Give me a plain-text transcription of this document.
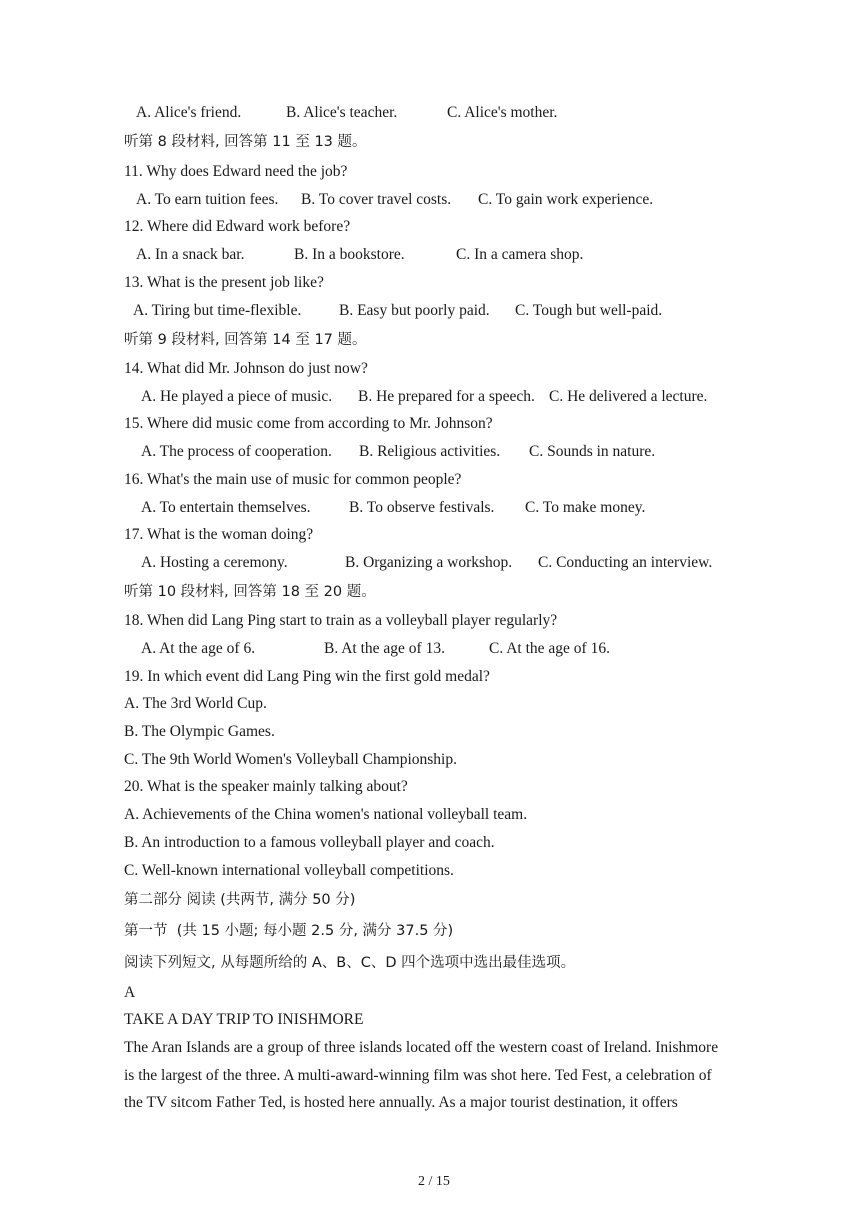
A. Alice's friend.	B. Alice's teacher.	C. Alice's mother.
听第 8 段材料, 回答第 11 至 13 题。
11. Why does Edward need the job?
A. To earn tuition fees. B. To cover travel costs. C. To gain work experience.
12. Where did Edward work before?
A. In a snack bar.	B. In a bookstore.	C. In a camera shop.
13. What is the present job like?
A. Tiring but time-flexible. B. Easy but poorly paid. C. Tough but well-paid.
听第 9 段材料, 回答第 14 至 17 题。
14. What did Mr. Johnson do just now?
A. He played a piece of music. B. He prepared for a speech. C. He delivered a lecture.
15. Where did music come from according to Mr. Johnson?
A. The process of cooperation. B. Religious activities. C. Sounds in nature.
16. What's the main use of music for common people?
A. To entertain themselves. B. To observe festivals. C. To make money.
17. What is the woman doing?
A. Hosting a ceremony.	B. Organizing a workshop. C. Conducting an interview.
听第 10 段材料, 回答第 18 至 20 题。
18. When did Lang Ping start to train as a volleyball player regularly?
A. At the age of 6.	B. At the age of 13.	C. At the age of 16.
19. In which event did Lang Ping win the first gold medal?
A. The 3rd World Cup.
B. The Olympic Games.
C. The 9th World Women's Volleyball Championship.
20. What is the speaker mainly talking about?
A. Achievements of the China women's national volleyball team.
B. An introduction to a famous volleyball player and coach.
C. Well-known international volleyball competitions.
第二部分 阅读 (共两节, 满分 50 分)
第一节  (共 15 小题; 每小题 2.5 分, 满分 37.5 分)
阅读下列短文, 从每题所给的 A、B、C、D 四个选项中选出最佳选项。
A
TAKE A DAY TRIP TO INISHMORE
The Aran Islands are a group of three islands located off the western coast of Ireland. Inishmore
is the largest of the three. A multi-award-winning film was shot here. Ted Fest, a celebration of
the TV sitcom Father Ted, is hosted here annually. As a major tourist destination, it offers
2 / 15
